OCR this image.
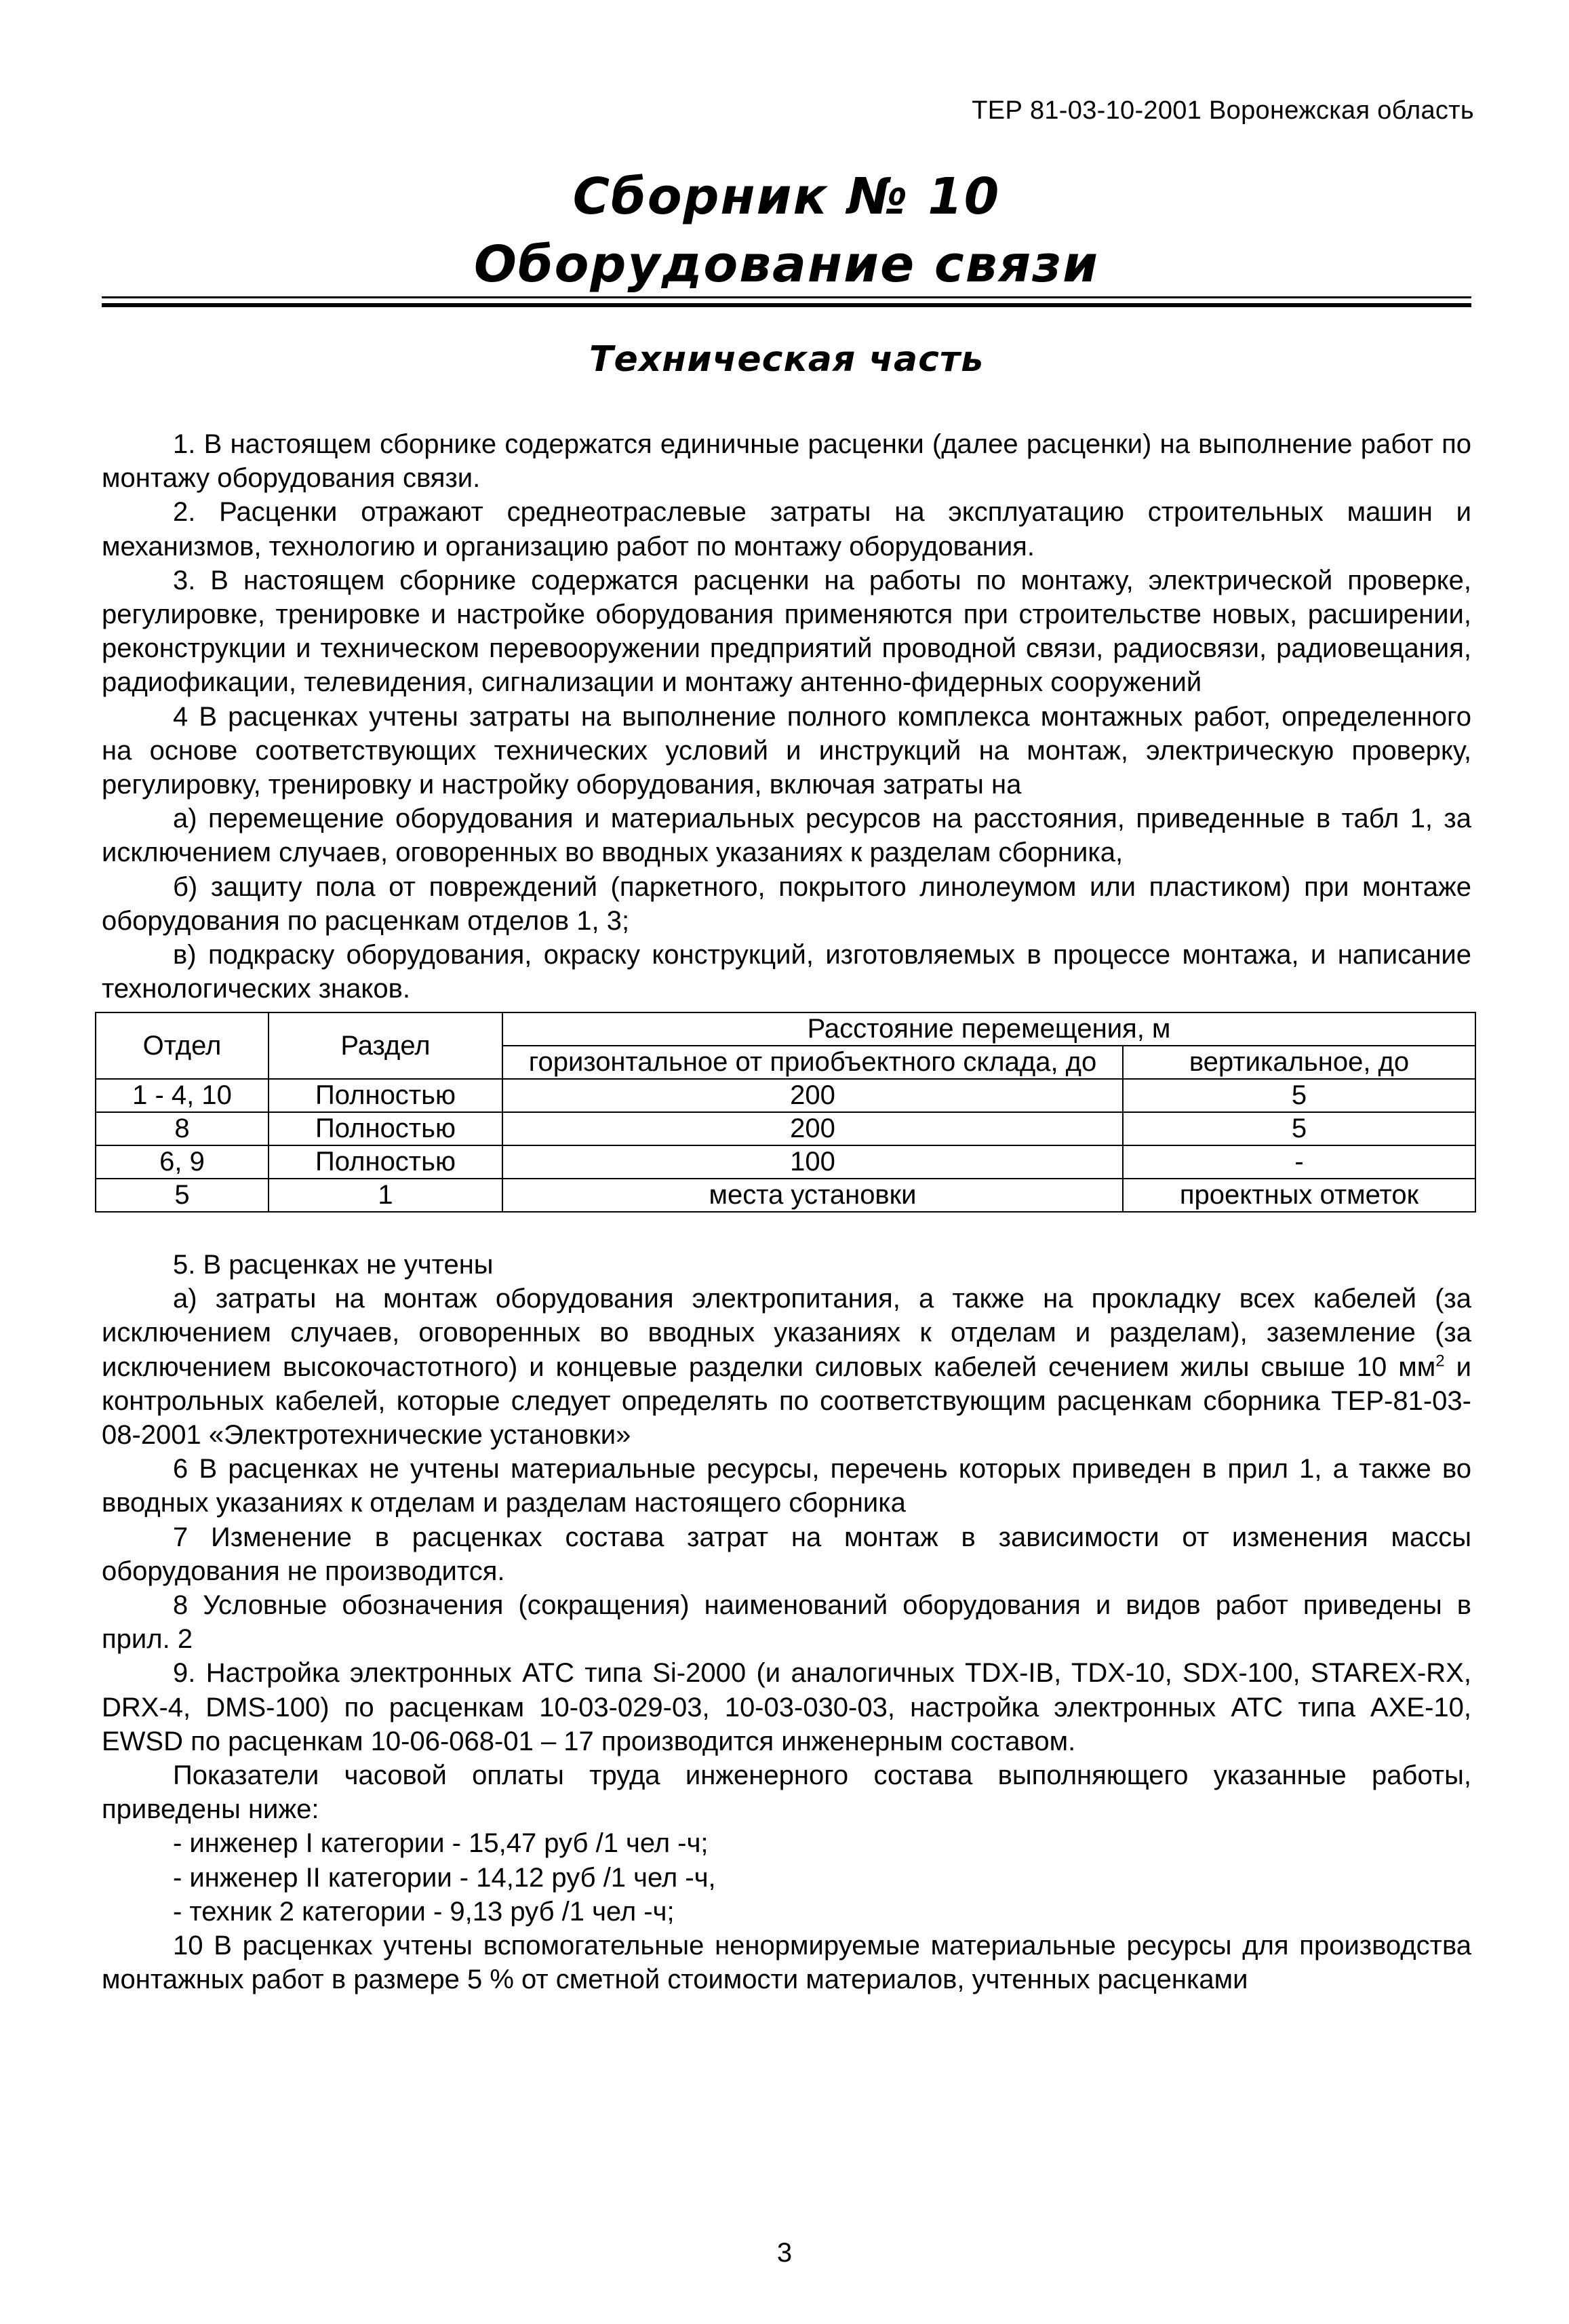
ТЕР 81-03-10-2001 Воронежская область
Сборник № 10
Оборудование связи
Техническая часть

1. В настоящем сборнике содержатся единичные расценки (далее расценки) на выполнение работ по монтажу оборудования связи.

2. Расценки отражают среднеотраслевые затраты на эксплуатацию строительных машин и механизмов, технологию и организацию работ по монтажу оборудования.

3. В настоящем сборнике содержатся расценки на работы по монтажу, электрической проверке, регулировке, тренировке и настройке оборудования применяются при строительстве новых, расширении, реконструкции и техническом перевооружении предприятий проводной связи, радиосвязи, радиовещания, радиофикации, телевидения, сигнализации и монтажу антенно-фидерных сооружений

4 В расценках учтены затраты на выполнение полного комплекса монтажных работ, определенного на основе соответствующих технических условий и инструкций на монтаж, электрическую проверку, регулировку, тренировку и настройку оборудования, включая затраты на

а) перемещение оборудования и материальных ресурсов на расстояния, приведенные в табл 1, за исключением случаев, оговоренных во вводных указаниях к разделам сборника,

б) защиту пола от повреждений (паркетного, покрытого линолеумом или пластиком) при монтаже оборудования по расценкам отделов 1, 3;

в) подкраску оборудования, окраску конструкций, изготовляемых в процессе монтажа, и написание технологических знаков.

Отдел	Раздел	Расстояние перемещения, м	
		горизонтальное от приобъектного склада, до	вертикальное, до
1 - 4, 10	Полностью	200	5
8	Полностью	200	5
6, 9	Полностью	100	-
5	1	места установки	проектных отметок

5. В расценках не учтены

а) затраты на монтаж оборудования электропитания, а также на прокладку всех кабелей (за исключением случаев, оговоренных во вводных указаниях к отделам и разделам), заземление (за исключением высокочастотного) и концевые разделки силовых кабелей сечением жилы свыше 10 $мм^2$ и контрольных кабелей, которые следует определять по соответствующим расценкам сборника ТЕР-81-03-08-2001 «Электротехнические установки»

6 В расценках не учтены материальные ресурсы, перечень которых приведен в прил 1, а также во вводных указаниях к отделам и разделам настоящего сборника

7 Изменение в расценках состава затрат на монтаж в зависимости от изменения массы оборудования не производится.

8 Условные обозначения (сокращения) наименований оборудования и видов работ приведены в прил. 2

9. Настройка электронных АТС типа Si-2000 (и аналогичных TDX-IB, TDX-10, SDX-100, STAREX-RX, DRX-4, DMS-100) по расценкам 10-03-029-03, 10-03-030-03, настройка электронных АТС типа AXE-10, EWSD по расценкам 10-06-068-01 – 17 производится инженерным составом.

Показатели часовой оплаты труда инженерного состава выполняющего указанные работы, приведены ниже:

- инженер I категории - 15,47 руб /1 чел -ч;

- инженер II категории - 14,12 руб /1 чел -ч,

- техник 2 категории - 9,13 руб /1 чел -ч;

10 В расценках учтены вспомогательные ненормируемые материальные ресурсы для производства монтажных работ в размере 5 % от сметной стоимости материалов, учтенных расценками

3
